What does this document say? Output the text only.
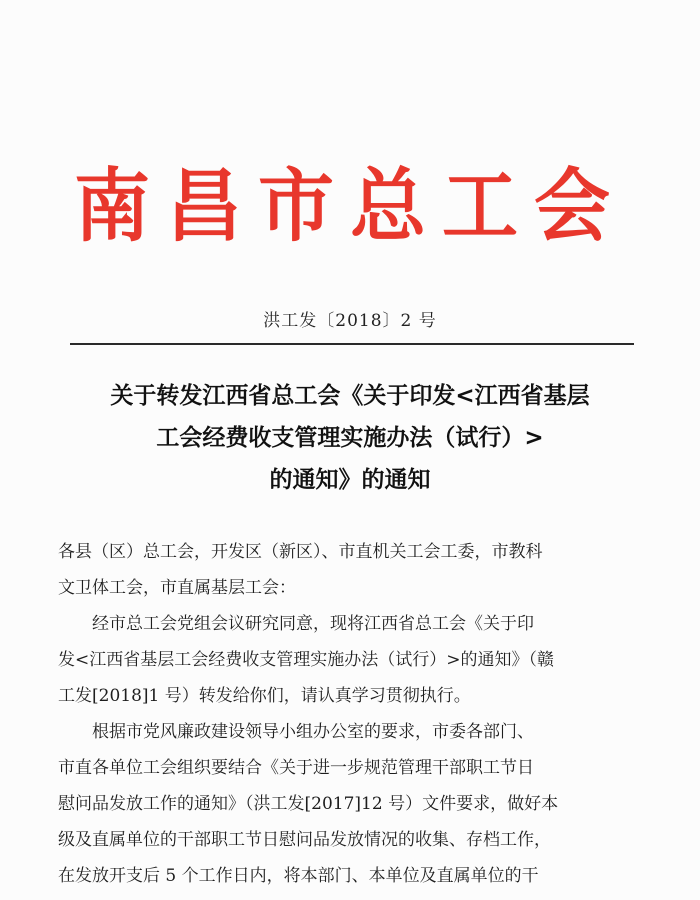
南昌市总工会
洪工发〔2018〕2 号
关于转发江西省总工会《关于印发<江西省基层
工会经费收支管理实施办法（试行）>
的通知》的通知

各县（区）总工会，开发区（新区）、市直机关工会工委，市教科
文卫体工会，市直属基层工会：

经市总工会党组会议研究同意，现将江西省总工会《关于印
发<江西省基层工会经费收支管理实施办法（试行）>的通知》（赣
工发[2018]1 号）转发给你们，请认真学习贯彻执行。

根据市党风廉政建设领导小组办公室的要求，市委各部门、
市直各单位工会组织要结合《关于进一步规范管理干部职工节日
慰问品发放工作的通知》（洪工发[2017]12 号）文件要求，做好本
级及直属单位的干部职工节日慰问品发放情况的收集、存档工作，
在发放开支后 5 个工作日内，将本部门、本单位及直属单位的干
